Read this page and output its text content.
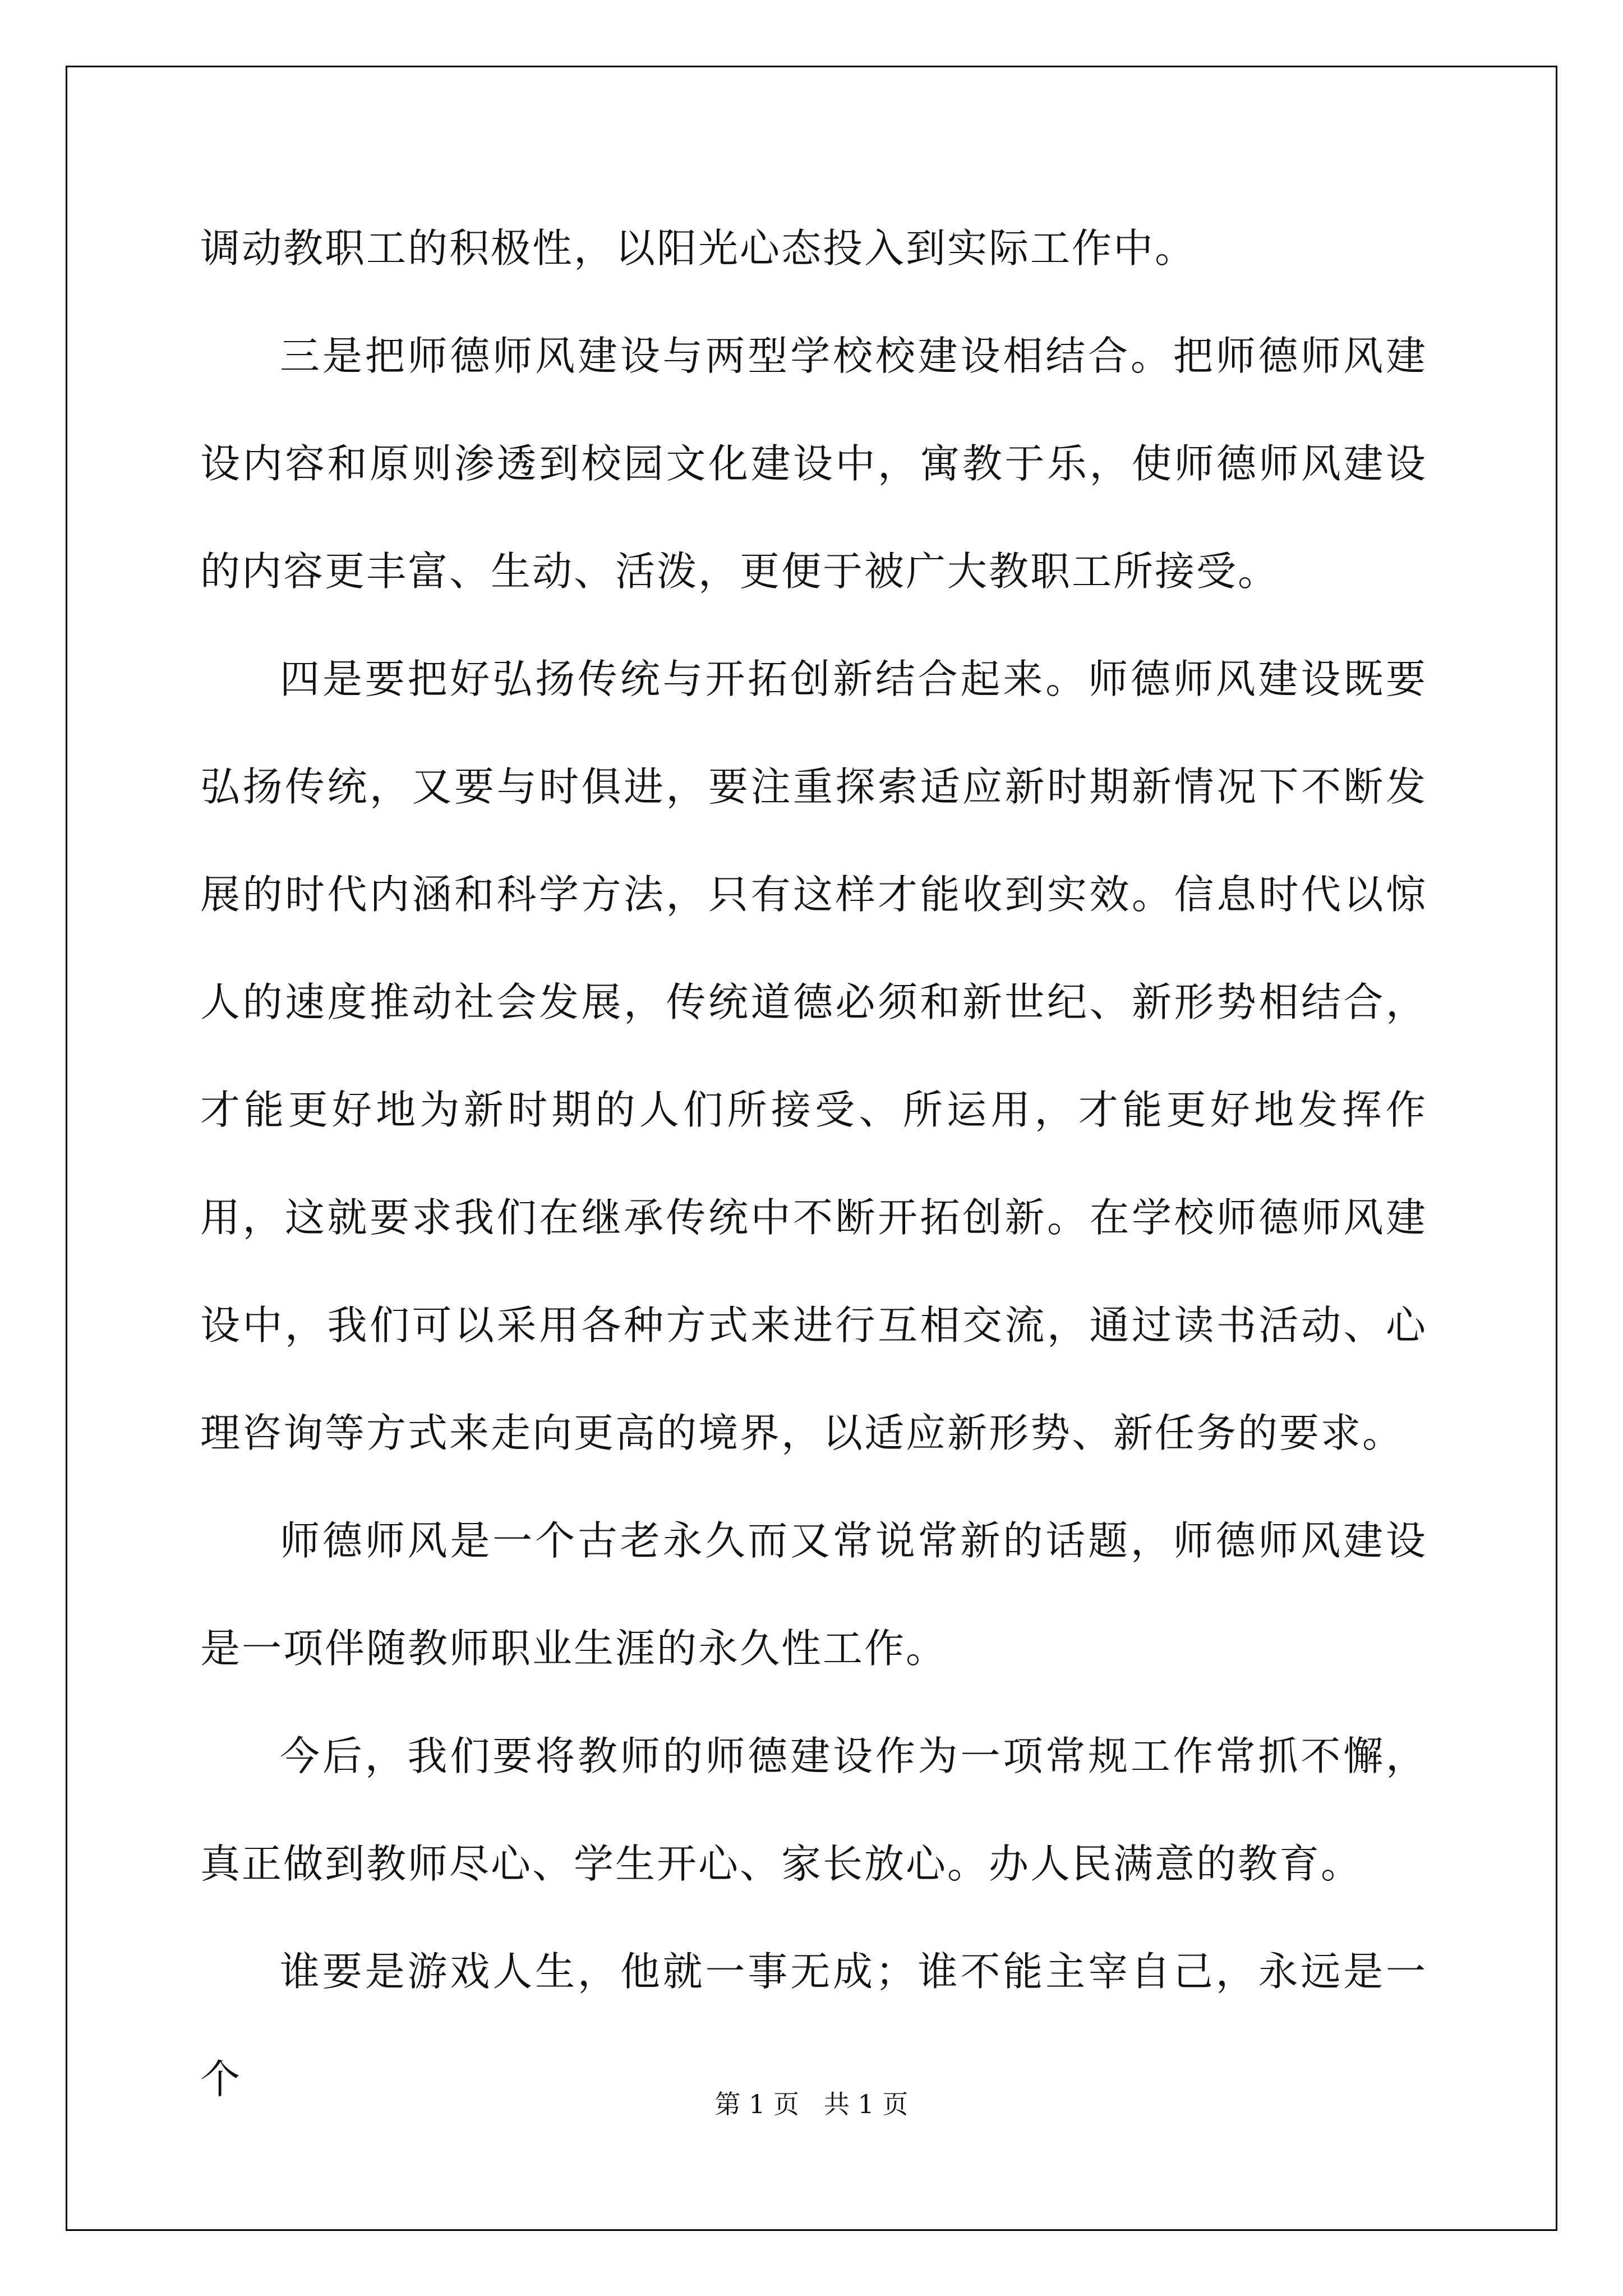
调动教职工的积极性，以阳光心态投入到实际工作中。

三是把师德师风建设与两型学校校建设相结合。把师德师风建设内容和原则渗透到校园文化建设中，寓教于乐，使师德师风建设的内容更丰富、生动、活泼，更便于被广大教职工所接受。

四是要把好弘扬传统与开拓创新结合起来。师德师风建设既要弘扬传统，又要与时俱进，要注重探索适应新时期新情况下不断发展的时代内涵和科学方法，只有这样才能收到实效。信息时代以惊人的速度推动社会发展，传统道德必须和新世纪、新形势相结合，才能更好地为新时期的人们所接受、所运用，才能更好地发挥作用，这就要求我们在继承传统中不断开拓创新。在学校师德师风建设中，我们可以采用各种方式来进行互相交流，通过读书活动、心理咨询等方式来走向更高的境界，以适应新形势、新任务的要求。

师德师风是一个古老永久而又常说常新的话题，师德师风建设是一项伴随教师职业生涯的永久性工作。

今后，我们要将教师的师德建设作为一项常规工作常抓不懈，真正做到教师尽心、学生开心、家长放心。办人民满意的教育。

谁要是游戏人生，他就一事无成；谁不能主宰自己，永远是一个

第 1 页   共 1 页
